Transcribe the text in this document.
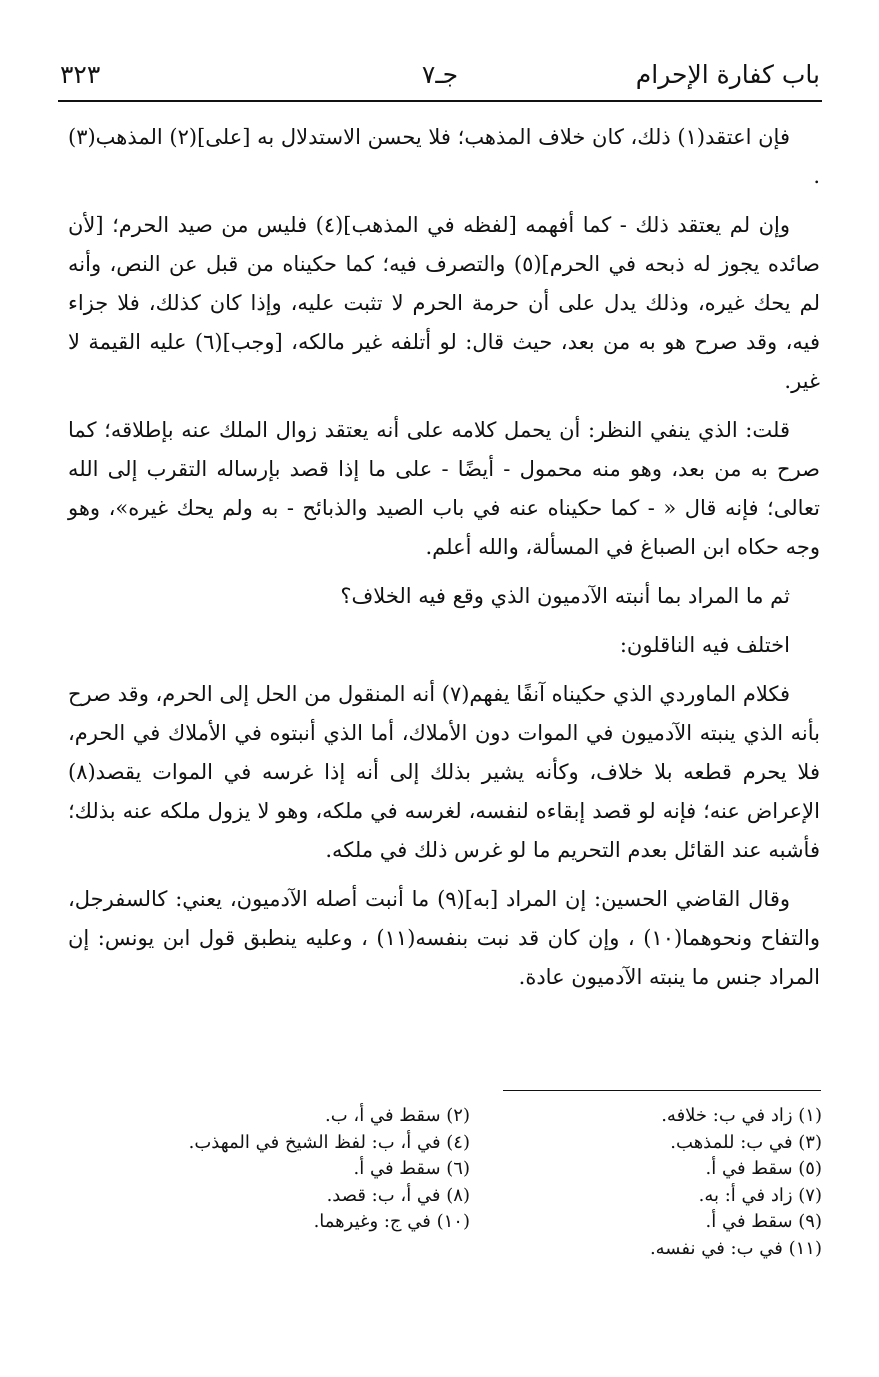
باب كفارة الإحرام
جـ٧
٣٢٣

فإن اعتقد(١) ذلك، كان خلاف المذهب؛ فلا يحسن الاستدلال به [على](٢) المذهب(٣) .

وإن لم يعتقد ذلك - كما أفهمه [لفظه في المذهب](٤) فليس من صيد الحرم؛ [لأن صائده يجوز له ذبحه في الحرم](٥) والتصرف فيه؛ كما حكيناه من قبل عن النص، وأنه لم يحك غيره، وذلك يدل على أن حرمة الحرم لا تثبت عليه، وإذا كان كذلك، فلا جزاء فيه، وقد صرح هو به من بعد، حيث قال: لو أتلفه غير مالكه، [وجب](٦) عليه القيمة لا غير.

قلت: الذي ينفي النظر: أن يحمل كلامه على أنه يعتقد زوال الملك عنه بإطلاقه؛ كما صرح به من بعد، وهو منه محمول - أيضًا - على ما إذا قصد بإرساله التقرب إلى الله تعالى؛ فإنه قال « - كما حكيناه عنه في باب الصيد والذبائح - به ولم يحك غيره»، وهو وجه حكاه ابن الصباغ في المسألة، والله أعلم.

ثم ما المراد بما أنبته الآدميون الذي وقع فيه الخلاف؟

اختلف فيه الناقلون:

فكلام الماوردي الذي حكيناه آنفًا يفهم(٧) أنه المنقول من الحل إلى الحرم، وقد صرح بأنه الذي ينبته الآدميون في الموات دون الأملاك، أما الذي أنبتوه في الأملاك في الحرم، فلا يحرم قطعه بلا خلاف، وكأنه يشير بذلك إلى أنه إذا غرسه في الموات يقصد(٨) الإعراض عنه؛ فإنه لو قصد إبقاءه لنفسه، لغرسه في ملكه، وهو لا يزول ملكه عنه بذلك؛ فأشبه عند القائل بعدم التحريم ما لو غرس ذلك في ملكه.

وقال القاضي الحسين: إن المراد [به](٩) ما أنبت أصله الآدميون، يعني: كالسفرجل، والتفاح ونحوهما(١٠) ، وإن كان قد نبت بنفسه(١١) ، وعليه ينطبق قول ابن يونس: إن المراد جنس ما ينبته الآدميون عادة.

(١) زاد في ب: خلافه.
(٣) في ب: للمذهب.
(٥) سقط في أ.
(٧) زاد في أ: به.
(٩) سقط في أ.
(١١) في ب: في نفسه.
(٢) سقط في أ، ب.
(٤) في أ، ب: لفظ الشيخ في المهذب.
(٦) سقط في أ.
(٨) في أ، ب: قصد.
(١٠) في ج: وغيرهما.
